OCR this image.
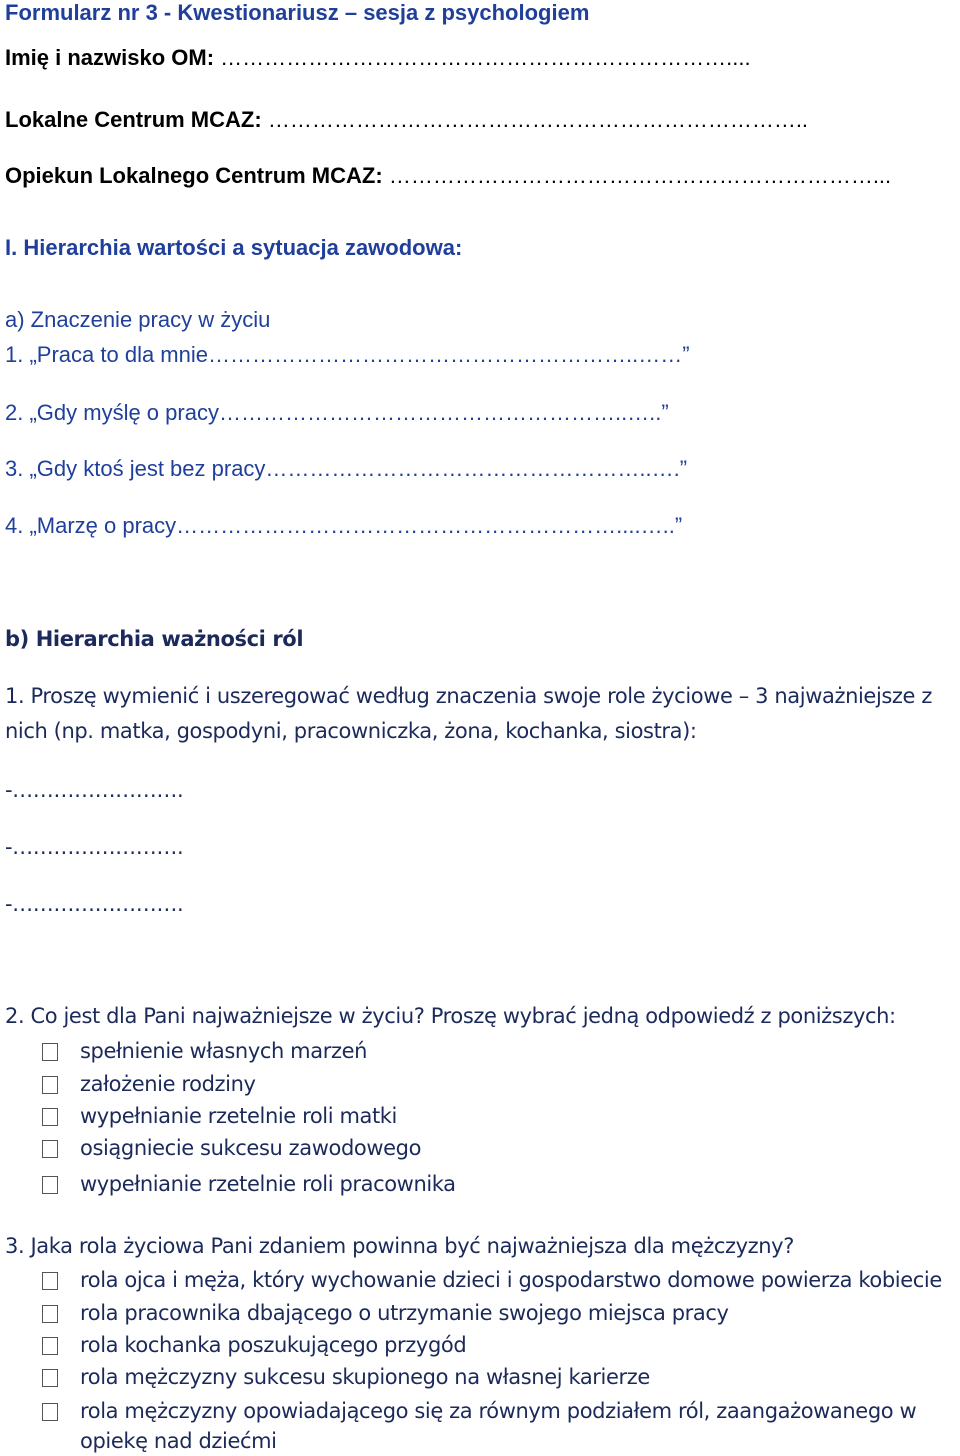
Formularz nr 3 - Kwestionariusz – sesja z psychologiem
Imię i nazwisko OM: ……………………………………………………………....
Lokalne Centrum MCAZ: ………………………………………………………………..
Opiekun Lokalnego Centrum MCAZ: …………………………………………………………...
I. Hierarchia wartości a sytuacja zawodowa:
a) Znaczenie pracy w życiu
1. „Praca to dla mnie…………………………………………………..……”
2. „Gdy myślę o pracy………………………………………………..…..”
3. „Gdy ktoś jest bez pracy……………………………………………..….”
4. „Marzę o pracy……………………………………………………....…..”
b) Hierarchia ważności ról
1. Proszę wymienić i uszeregować według znaczenia swoje role życiowe – 3 najważniejsze z
nich (np. matka, gospodyni, pracowniczka, żona, kochanka, siostra):
-…………………….
-…………………….
-…………………….
2. Co jest dla Pani najważniejsze w życiu? Proszę wybrać jedną odpowiedź z poniższych:
spełnienie własnych marzeń
założenie rodziny
wypełnianie rzetelnie roli matki
osiągniecie sukcesu zawodowego
wypełnianie rzetelnie roli pracownika
3. Jaka rola życiowa Pani zdaniem powinna być najważniejsza dla mężczyzny?
rola ojca i męża, który wychowanie dzieci i gospodarstwo domowe powierza kobiecie
rola pracownika dbającego o utrzymanie swojego miejsca pracy
rola kochanka poszukującego przygód
rola mężczyzny sukcesu skupionego na własnej karierze
rola mężczyzny opowiadającego się za równym podziałem ról, zaangażowanego w
opiekę nad dziećmi
